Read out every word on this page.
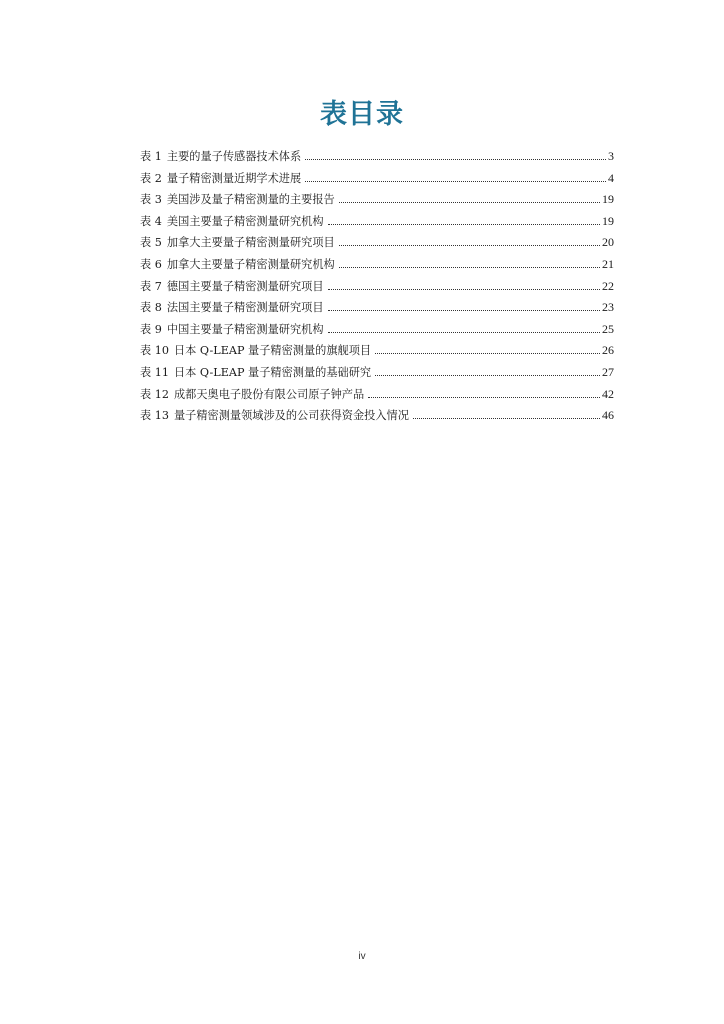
表目录
表 1 主要的量子传感器技术体系	3
表 2 量子精密测量近期学术进展	4
表 3 美国涉及量子精密测量的主要报告	19
表 4 美国主要量子精密测量研究机构	19
表 5 加拿大主要量子精密测量研究项目	20
表 6 加拿大主要量子精密测量研究机构	21
表 7 德国主要量子精密测量研究项目	22
表 8 法国主要量子精密测量研究项目	23
表 9 中国主要量子精密测量研究机构	25
表 10 日本 Q-LEAP 量子精密测量的旗舰项目	26
表 11 日本 Q-LEAP 量子精密测量的基础研究	27
表 12 成都天奥电子股份有限公司原子钟产品	42
表 13 量子精密测量领域涉及的公司获得资金投入情况	46
iv
